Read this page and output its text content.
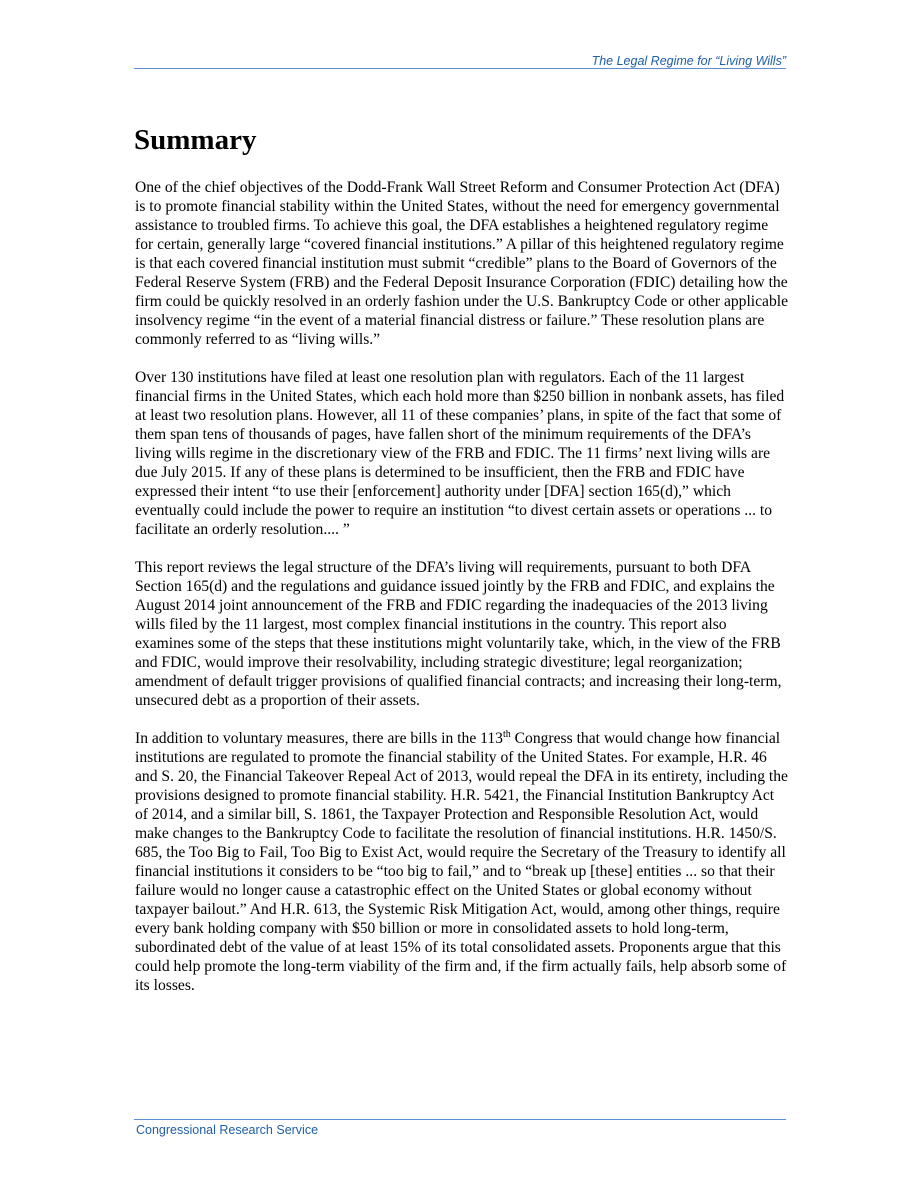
The Legal Regime for “Living Wills”
Summary

One of the chief objectives of the Dodd-Frank Wall Street Reform and Consumer Protection Act (DFA) is to promote financial stability within the United States, without the need for emergency governmental assistance to troubled firms. To achieve this goal, the DFA establishes a heightened regulatory regime for certain, generally large “covered financial institutions.” A pillar of this heightened regulatory regime is that each covered financial institution must submit “credible” plans to the Board of Governors of the Federal Reserve System (FRB) and the Federal Deposit Insurance Corporation (FDIC) detailing how the firm could be quickly resolved in an orderly fashion under the U.S. Bankruptcy Code or other applicable insolvency regime “in the event of a material financial distress or failure.” These resolution plans are commonly referred to as “living wills.”

Over 130 institutions have filed at least one resolution plan with regulators. Each of the 11 largest financial firms in the United States, which each hold more than $250 billion in nonbank assets, has filed at least two resolution plans. However, all 11 of these companies’ plans, in spite of the fact that some of them span tens of thousands of pages, have fallen short of the minimum requirements of the DFA’s living wills regime in the discretionary view of the FRB and FDIC. The 11 firms’ next living wills are due July 2015. If any of these plans is determined to be insufficient, then the FRB and FDIC have expressed their intent “to use their [enforcement] authority under [DFA] section 165(d),” which eventually could include the power to require an institution “to divest certain assets or operations ... to facilitate an orderly resolution.... ”

This report reviews the legal structure of the DFA’s living will requirements, pursuant to both DFA Section 165(d) and the regulations and guidance issued jointly by the FRB and FDIC, and explains the August 2014 joint announcement of the FRB and FDIC regarding the inadequacies of the 2013 living wills filed by the 11 largest, most complex financial institutions in the country. This report also examines some of the steps that these institutions might voluntarily take, which, in the view of the FRB and FDIC, would improve their resolvability, including strategic divestiture; legal reorganization; amendment of default trigger provisions of qualified financial contracts; and increasing their long-term, unsecured debt as a proportion of their assets.

In addition to voluntary measures, there are bills in the 113th Congress that would change how financial institutions are regulated to promote the financial stability of the United States. For example, H.R. 46 and S. 20, the Financial Takeover Repeal Act of 2013, would repeal the DFA in its entirety, including the provisions designed to promote financial stability. H.R. 5421, the Financial Institution Bankruptcy Act of 2014, and a similar bill, S. 1861, the Taxpayer Protection and Responsible Resolution Act, would make changes to the Bankruptcy Code to facilitate the resolution of financial institutions. H.R. 1450/S. 685, the Too Big to Fail, Too Big to Exist Act, would require the Secretary of the Treasury to identify all financial institutions it considers to be “too big to fail,” and to “break up [these] entities ... so that their failure would no longer cause a catastrophic effect on the United States or global economy without taxpayer bailout.” And H.R. 613, the Systemic Risk Mitigation Act, would, among other things, require every bank holding company with $50 billion or more in consolidated assets to hold long-term, subordinated debt of the value of at least 15% of its total consolidated assets. Proponents argue that this could help promote the long-term viability of the firm and, if the firm actually fails, help absorb some of its losses.

Congressional Research Service
